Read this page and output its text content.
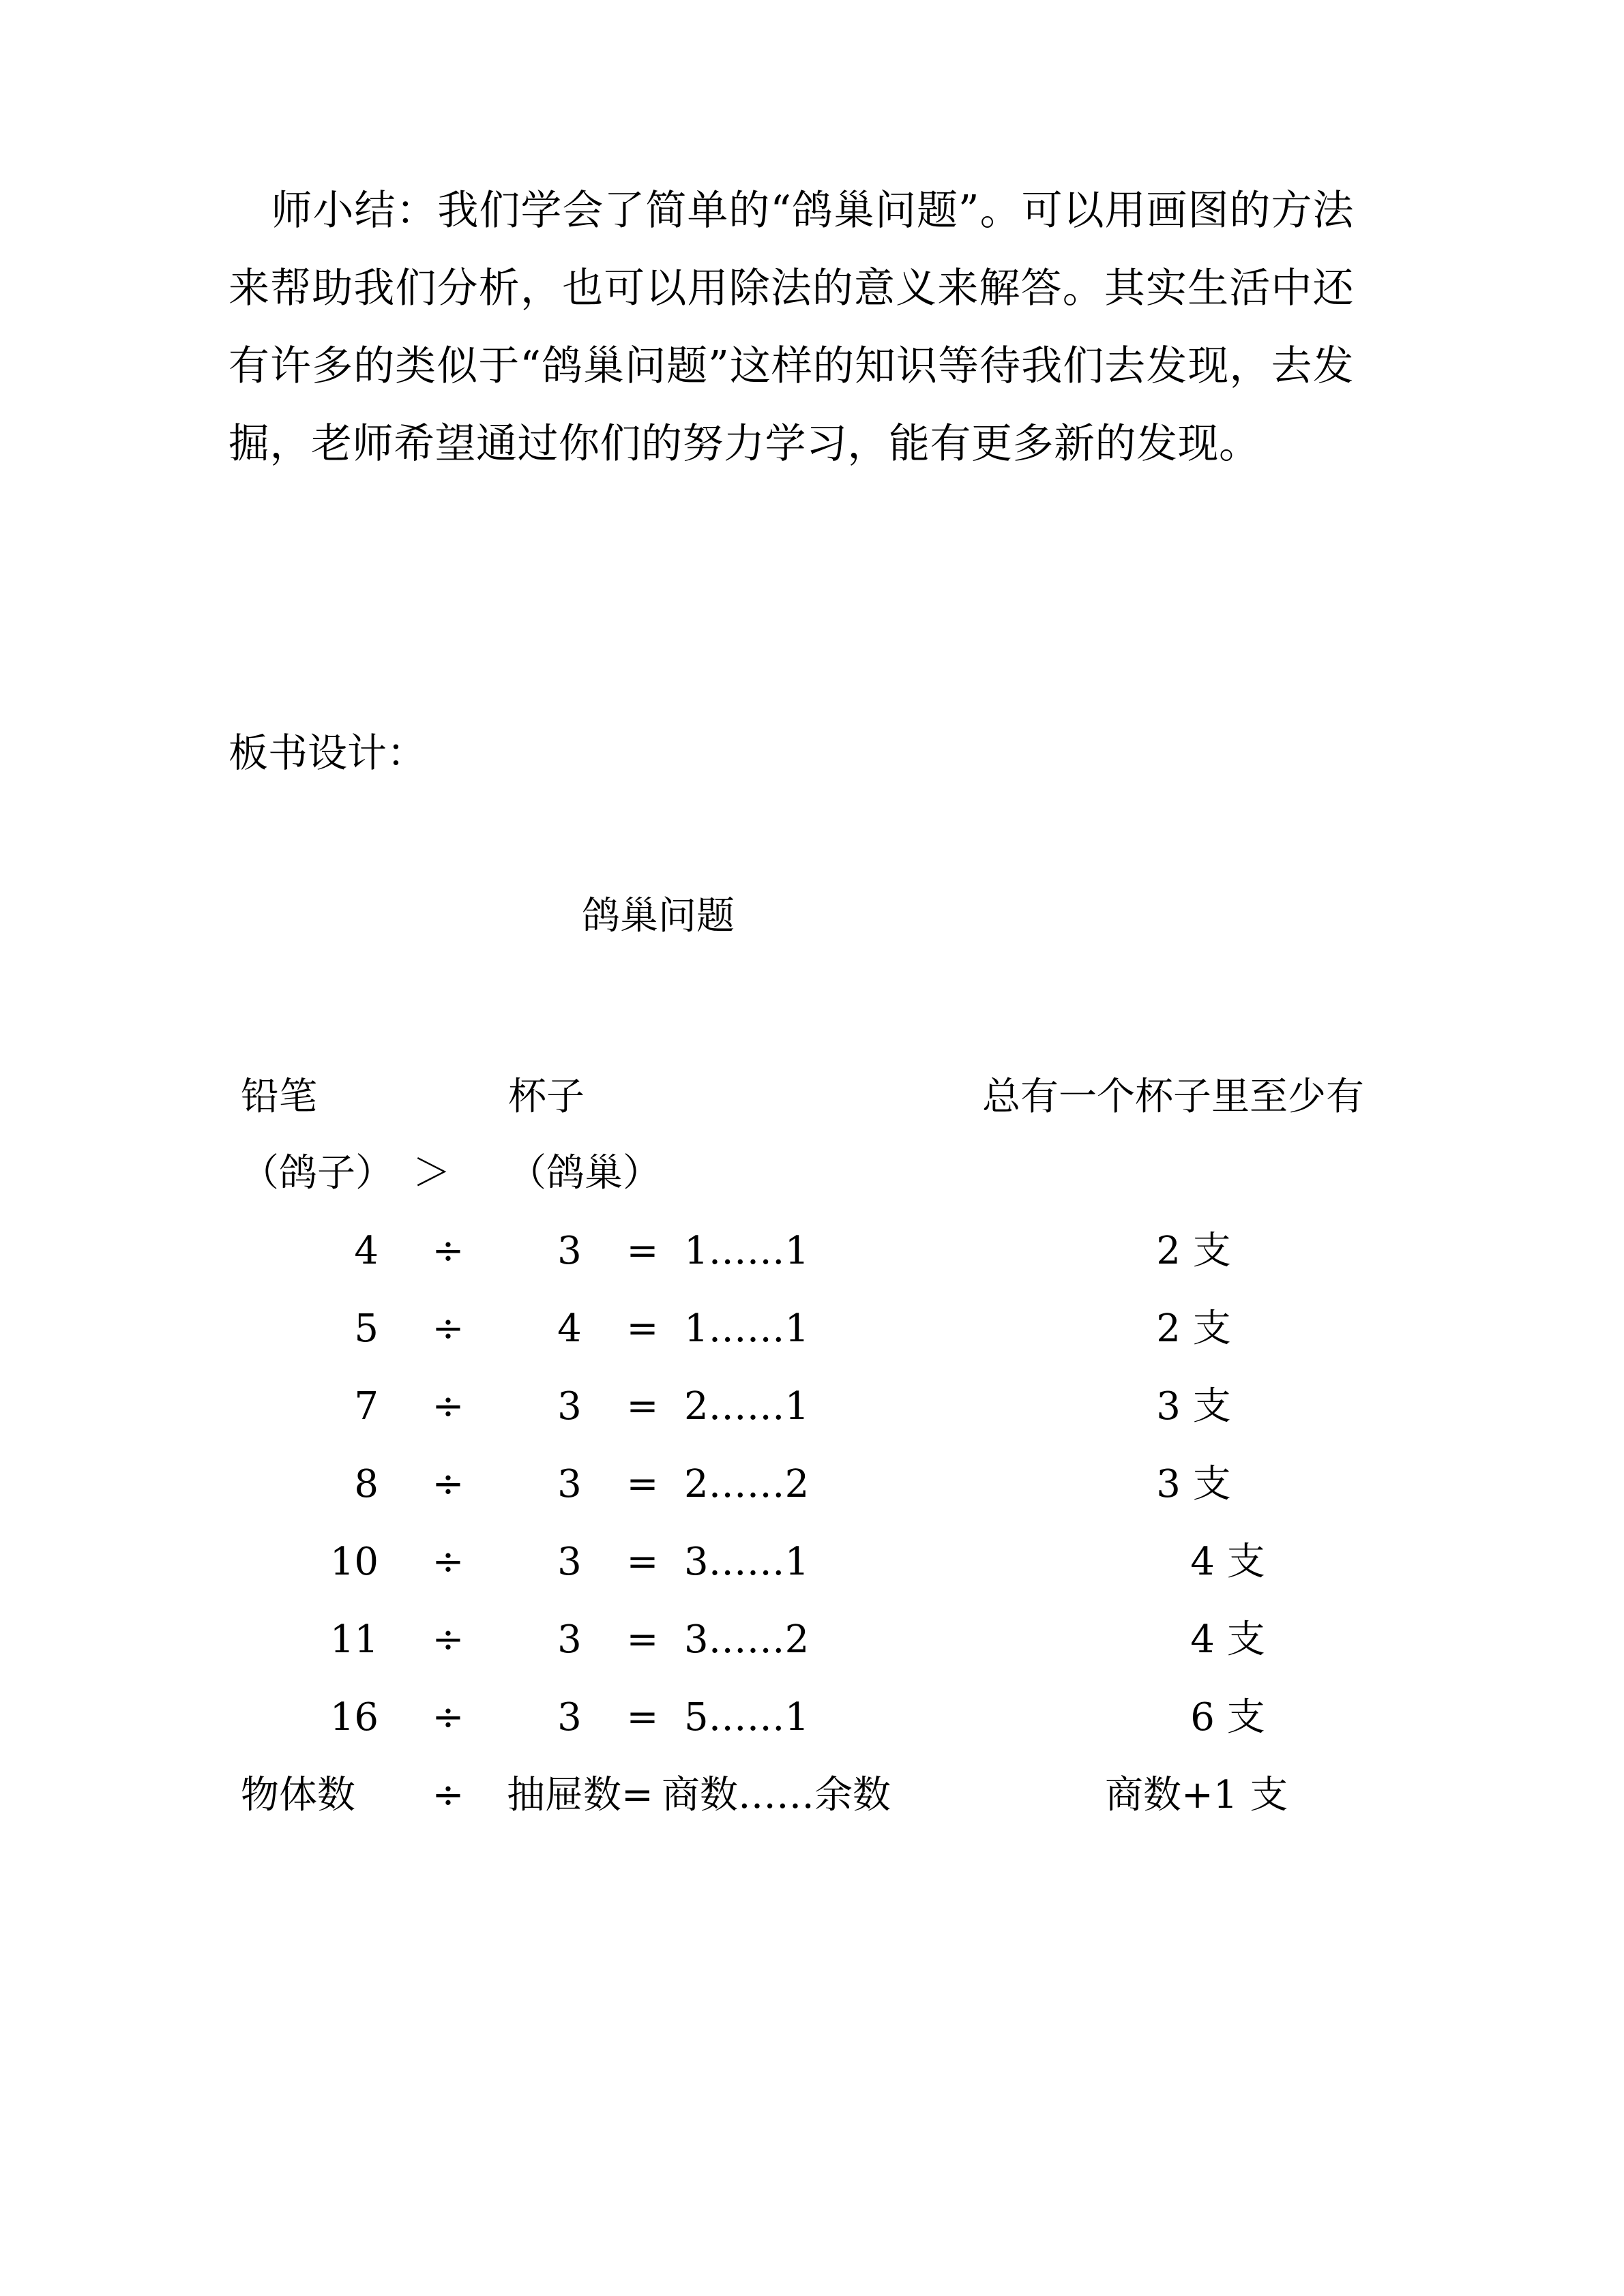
师小结：我们学会了简单的“鸽巢问题”。可以用画图的方法来帮助我们分析，也可以用除法的意义来解答。其实生活中还有许多的类似于“鸽巢问题”这样的知识等待我们去发现，去发掘，老师希望通过你们的努力学习，能有更多新的发现。

板书设计：

鸽巢问题

铅笔	杯子	总有一个杯子里至少有
（鸽子） ＞ （鸽巢）
4 ÷ 3 = 1……1	2 支
5 ÷ 4 = 1……1	2 支
7 ÷ 3 = 2……1	3 支
8 ÷ 3 = 2……2	3 支
10 ÷ 3 = 3……1	4 支
11 ÷ 3 = 3……2	4 支
16 ÷ 3 = 5……1	6 支
物体数 ÷ 抽屉数= 商数……余数	商数+1 支
